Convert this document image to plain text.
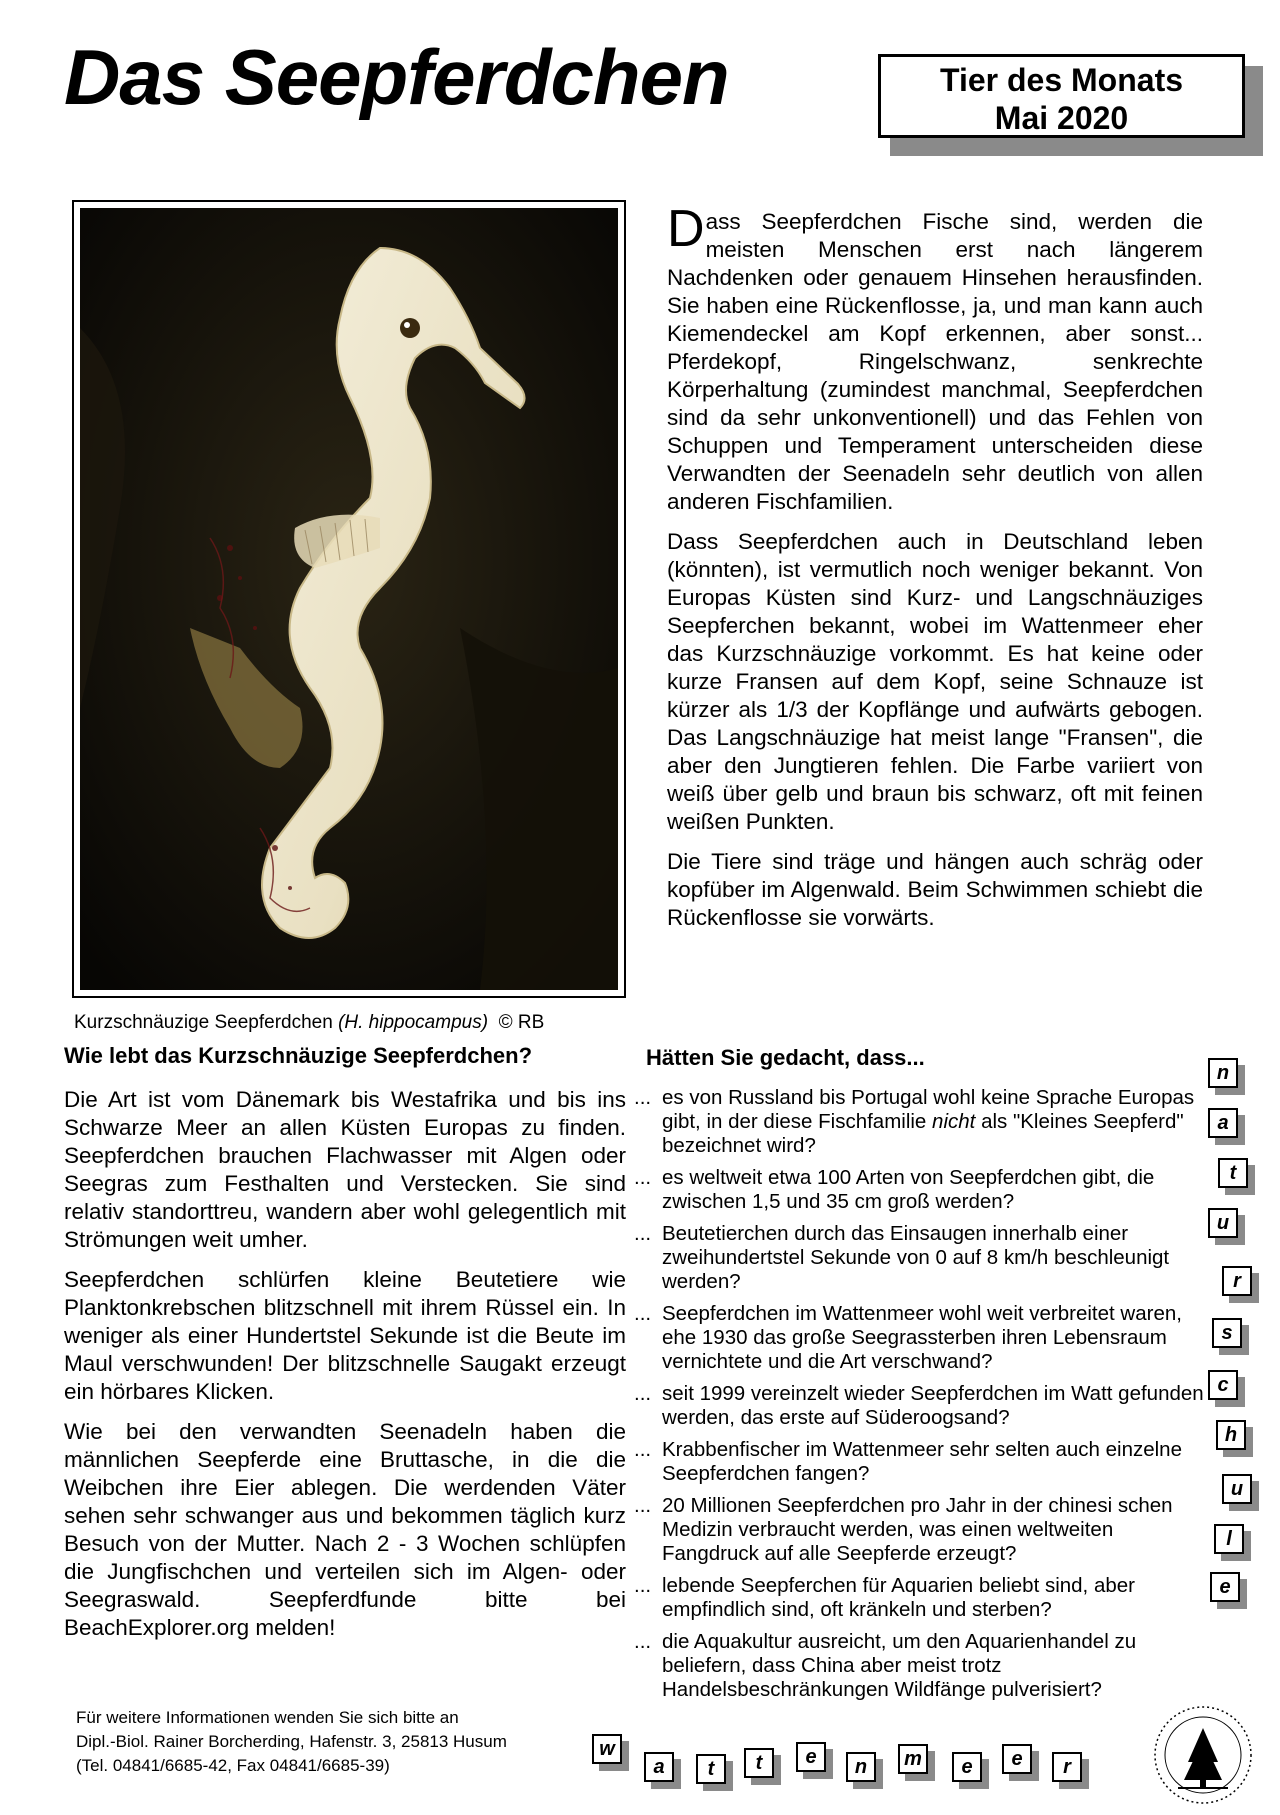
Das Seepferdchen	Tier des Monats
Mai 2020
Kurzschnäuzige Seepferdchen (H. hippocampus) © RB

Dass Seepferdchen Fische sind, werden die meisten Menschen erst nach längerem Nachdenken oder genauem Hinsehen herausfinden. Sie haben eine Rückenflosse, ja, und man kann auch Kiemendeckel am Kopf erkennen, aber sonst... Pferdekopf, Ringelschwanz, senkrechte Körperhaltung (zumindest manchmal, Seepferdchen sind da sehr unkonventionell) und das Fehlen von Schuppen und Temperament unterscheiden diese Verwandten der Seenadeln sehr deutlich von allen anderen Fischfamilien.

Dass Seepferdchen auch in Deutschland leben (könnten), ist vermutlich noch weniger bekannt. Von Europas Küsten sind Kurz- und Langschnäuziges Seepferchen bekannt, wobei im Wattenmeer eher das Kurzschnäuzige vorkommt. Es hat keine oder kurze Fransen auf dem Kopf, seine Schnauze ist kürzer als 1/3 der Kopflänge und aufwärts gebogen. Das Langschnäuzige hat meist lange "Fransen", die aber den Jungtieren fehlen. Die Farbe variiert von weiß über gelb und braun bis schwarz, oft mit feinen weißen Punkten.

Die Tiere sind träge und hängen auch schräg oder kopfüber im Algenwald. Beim Schwimmen schiebt die Rückenflosse sie vorwärts.

Wie lebt das Kurzschnäuzige Seepferdchen?

Die Art ist vom Dänemark bis Westafrika und bis ins Schwarze Meer an allen Küsten Europas zu finden. Seepferdchen brauchen Flachwasser mit Algen oder Seegras zum Festhalten und Verstecken. Sie sind relativ standorttreu, wandern aber wohl gelegentlich mit Strömungen weit umher.

Seepferdchen schlürfen kleine Beutetiere wie Planktonkrebschen blitzschnell mit ihrem Rüssel ein. In weniger als einer Hundertstel Sekunde ist die Beute im Maul verschwunden! Der blitzschnelle Saugakt erzeugt ein hörbares Klicken.

Wie bei den verwandten Seenadeln haben die männlichen Seepferde eine Bruttasche, in die die Weibchen ihre Eier ablegen. Die werdenden Väter sehen sehr schwanger aus und bekommen täglich kurz Besuch von der Mutter. Nach 2 - 3 Wochen schlüpfen die Jungfischchen und verteilen sich im Algen- oder Seegraswald. Seepferdfunde bitte bei BeachExplorer.org melden!

Hätten Sie gedacht, dass...
... es von Russland bis Portugal wohl keine Sprache Europas gibt, in der diese Fischfamilie nicht als "Kleines Seepferd" bezeichnet wird?
... es weltweit etwa 100 Arten von Seepferdchen gibt, die zwischen 1,5 und 35 cm groß werden?
... Beutetierchen durch das Einsaugen innerhalb einer zweihundertstel Sekunde von 0 auf 8 km/h beschleunigt werden?
... Seepferdchen im Wattenmeer wohl weit verbreitet waren, ehe 1930 das große Seegrassterben ihren Lebensraum vernichtete und die Art verschwand?
... seit 1999 vereinzelt wieder Seepferdchen im Watt gefunden werden, das erste auf Süderoogsand?
... Krabbenfischer im Wattenmeer sehr selten auch einzelne Seepferdchen fangen?
... 20 Millionen Seepferdchen pro Jahr in der chinesi schen Medizin verbraucht werden, was einen weltweiten Fangdruck auf alle Seepferde erzeugt?
... lebende Seepferchen für Aquarien beliebt sind, aber empfindlich sind, oft kränkeln und sterben?
... die Aquakultur ausreicht, um den Aquarienhandel zu beliefern, dass China aber meist trotz Handelsbeschränkungen Wildfänge pulverisiert?
n
a
t
u
r
s
c
h
u
l
e
w
a	t	t	e	n	m	e	e	r
Für weitere Informationen wenden Sie sich bitte an
Dipl.-Biol. Rainer Borcherding, Hafenstr. 3, 25813 Husum
(Tel. 04841/6685-42, Fax 04841/6685-39)
